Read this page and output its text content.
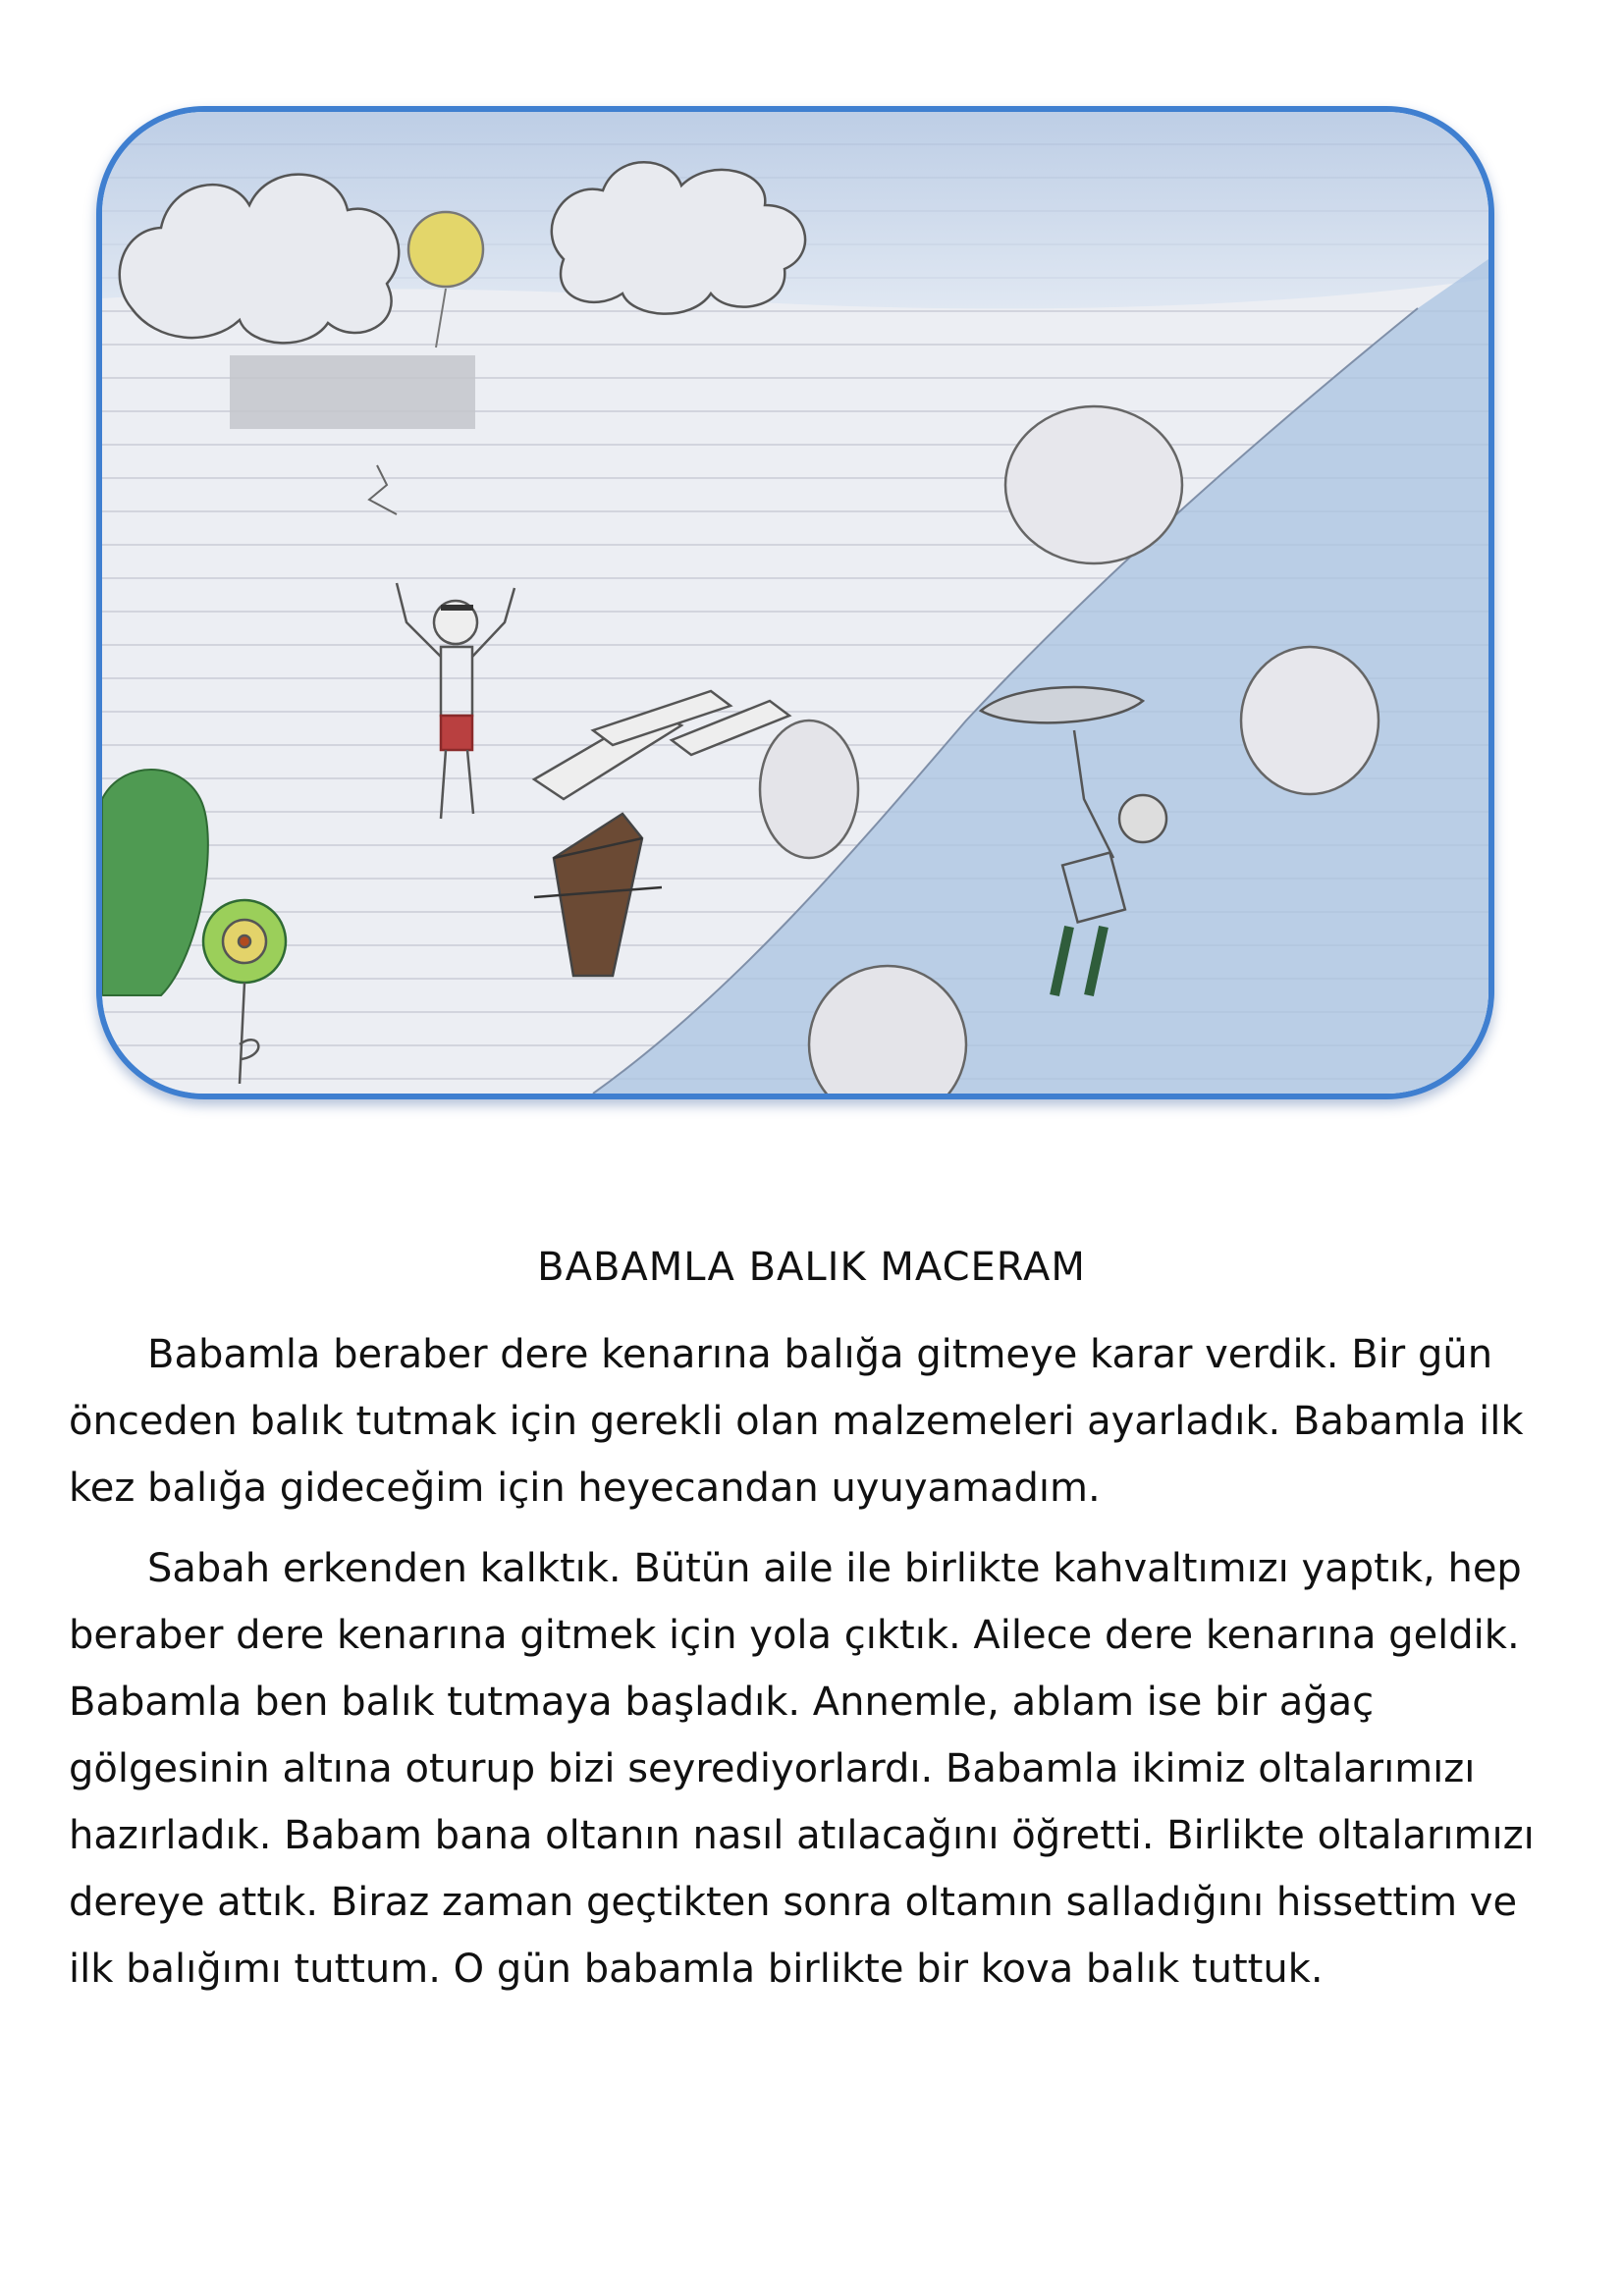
BABAMLA BALIK MACERAM

Babamla beraber dere kenarına balığa gitmeye karar verdik. Bir gün önceden balık tutmak için gerekli olan malzemeleri ayarladık. Babamla ilk kez balığa gideceğim için heyecandan uyuyamadım.

Sabah erkenden kalktık. Bütün aile ile birlikte kahvaltımızı yaptık, hep beraber dere kenarına gitmek için yola çıktık. Ailece dere kenarına geldik. Babamla ben balık tutmaya başladık. Annemle, ablam ise bir ağaç gölgesinin altına oturup bizi seyrediyorlardı. Babamla ikimiz oltalarımızı hazırladık. Babam bana oltanın nasıl atılacağını öğretti. Birlikte oltalarımızı dereye attık. Biraz zaman geçtikten sonra oltamın salladığını hissettim ve ilk balığımı tuttum. O gün babamla birlikte bir kova balık tuttuk.
